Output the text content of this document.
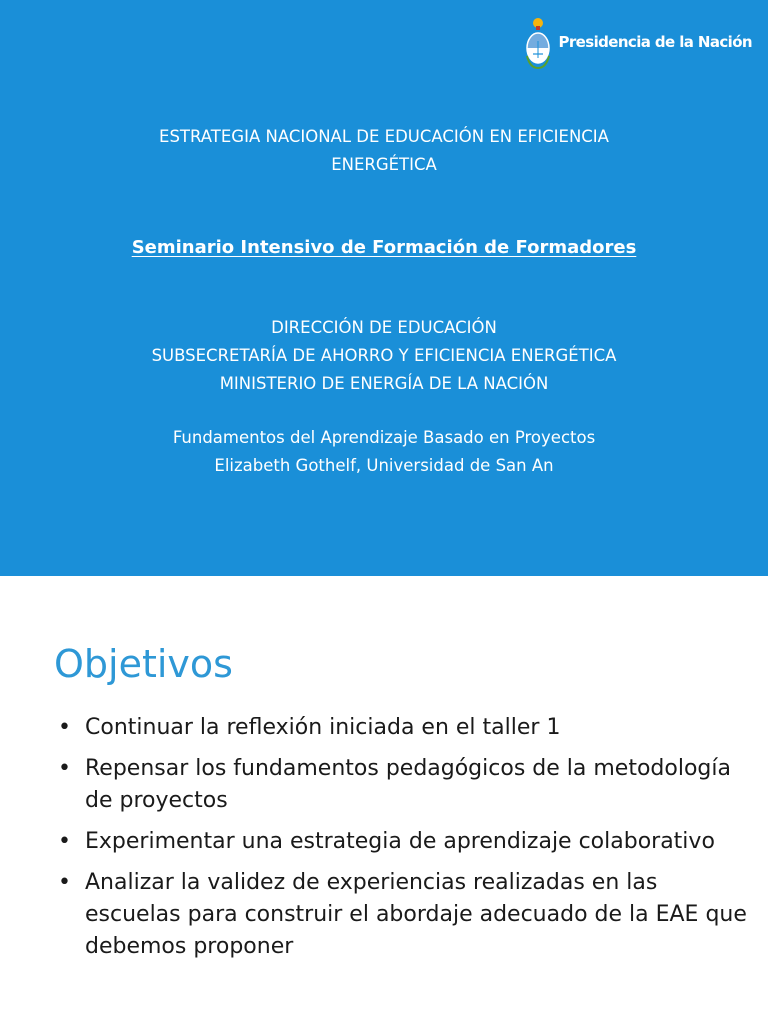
Presidencia de la Nación
ESTRATEGIA NACIONAL DE EDUCACIÓN EN EFICIENCIA
ENERGÉTICA
Seminario Intensivo de Formación de Formadores
DIRECCIÓN DE EDUCACIÓN
SUBSECRETARÍA DE AHORRO Y EFICIENCIA ENERGÉTICA
MINISTERIO DE ENERGÍA DE LA NACIÓN
Fundamentos del Aprendizaje Basado en Proyectos
Elizabeth Gothelf, Universidad de San An
Objetivos
• Continuar la reflexión iniciada en el taller 1
• Repensar los fundamentos pedagógicos de la metodología de proyectos
• Experimentar una estrategia de aprendizaje colaborativo
• Analizar la validez de experiencias realizadas en las escuelas para construir el abordaje adecuado de la EAE que debemos proponer
